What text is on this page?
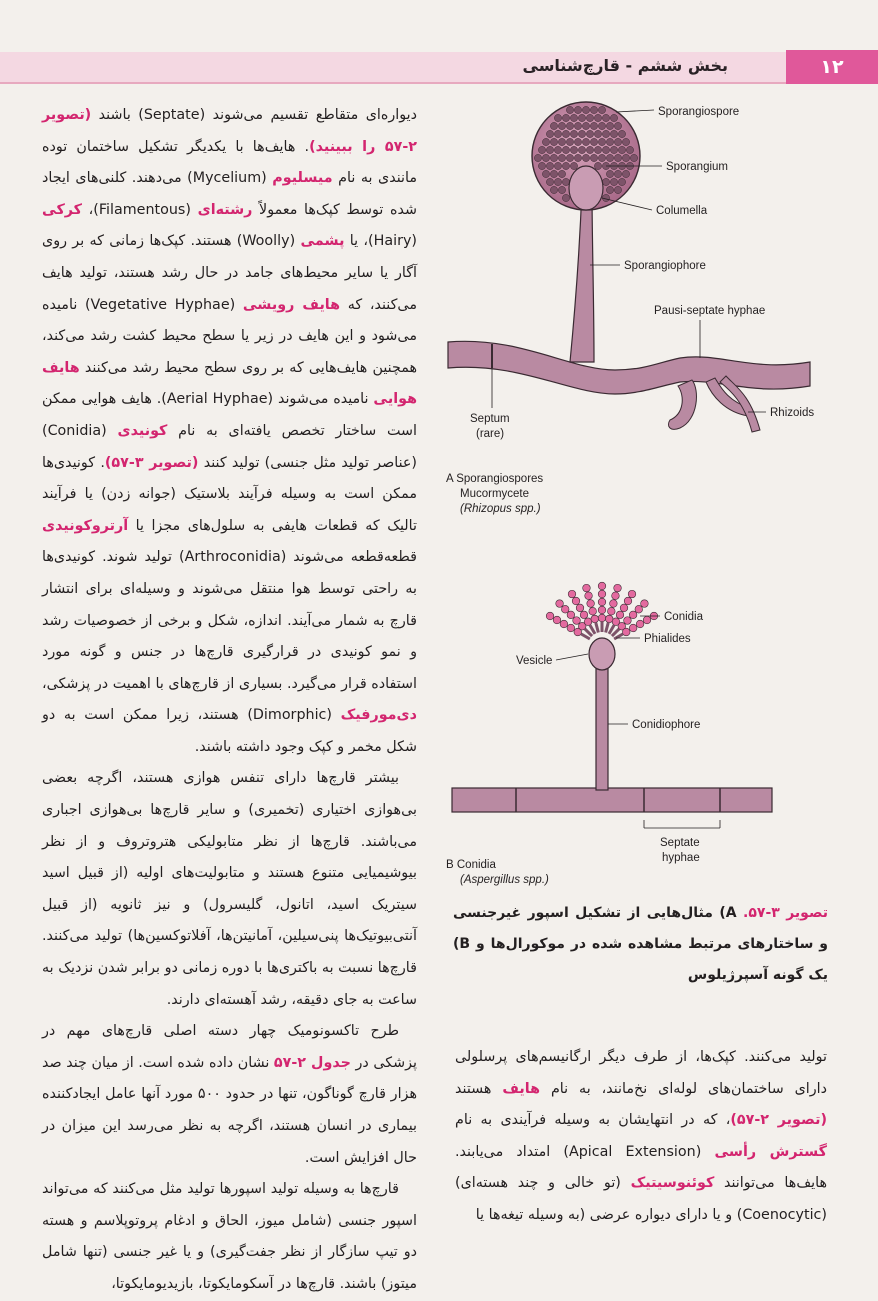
۱۲
بخش ششم - قارچ‌شناسی

دیواره‌ای متقاطع تقسیم می‌شوند (Septate) باشند (تصویر ۲-۵۷ را ببینید). هایف‌ها با یکدیگر تشکیل ساختمان توده مانندی به نام میسلیوم (Mycelium) می‌دهند. کلنی‌های ایجاد شده توسط کپک‌ها معمولاً رشته‌ای (Filamentous)، کرکی (Hairy)، یا پشمی (Woolly) هستند. کپک‌ها زمانی که بر روی آگار یا سایر محیط‌های جامد در حال رشد هستند، تولید هایف می‌کنند، که هایف رویشی (Vegetative Hyphae) نامیده می‌شود و این هایف در زیر یا سطح محیط کشت رشد می‌کند، همچنین هایف‌هایی که بر روی سطح محیط رشد می‌کنند هایف هوایی نامیده می‌شوند (Aerial Hyphae). هایف هوایی ممکن است ساختار تخصص یافته‌ای به نام کونیدی (Conidia) (عناصر تولید مثل جنسی) تولید کنند (تصویر ۳-۵۷). کونیدی‌ها ممکن است به وسیله فرآیند بلاستیک (جوانه زدن) یا فرآیند تالیک که قطعات هایفی به سلول‌های مجزا یا آرتروکونیدی قطعه‌قطعه می‌شوند (Arthroconidia) تولید شوند. کونیدی‌ها به راحتی توسط هوا منتقل می‌شوند و وسیله‌ای برای انتشار قارچ به شمار می‌آیند. اندازه، شکل و برخی از خصوصیات رشد و نمو کونیدی در قرارگیری قارچ‌ها در جنس و گونه مورد استفاده قرار می‌گیرد. بسیاری از قارچ‌های با اهمیت در پزشکی، دی‌مورفیک (Dimorphic) هستند، زیرا ممکن است به دو شکل مخمر و کپک وجود داشته باشند.

بیشتر قارچ‌ها دارای تنفس هوازی هستند، اگرچه بعضی بی‌هوازی اختیاری (تخمیری) و سایر قارچ‌ها بی‌هوازی اجباری می‌باشند. قارچ‌ها از نظر متابولیکی هتروتروف و از نظر بیوشیمیایی متنوع هستند و متابولیت‌های اولیه (از قبیل اسید سیتریک اسید، اتانول، گلیسرول) و نیز ثانویه (از قبیل آنتی‌بیوتیک‌ها پنی‌سیلین، آمانیتن‌ها، آفلاتوکسین‌ها) تولید می‌کنند. قارچ‌ها نسبت به باکتری‌ها با دوره زمانی دو برابر شدن نزدیک به ساعت به جای دقیقه، رشد آهسته‌ای دارند.

طرح تاکسونومیک چهار دسته اصلی قارچ‌های مهم در پزشکی در جدول ۲-۵۷ نشان داده شده است. از میان چند صد هزار قارچ گوناگون، تنها در حدود ۵۰۰ مورد آنها عامل ایجادکننده بیماری در انسان هستند، اگرچه به نظر می‌رسد این میزان در حال افزایش است.

قارچ‌ها به وسیله تولید اسپورها تولید مثل می‌کنند که می‌تواند اسپور جنسی (شامل میوز، الحاق و ادغام پروتوپلاسم و هسته دو تیپ سازگار از نظر جفت‌گیری) و یا غیر جنسی (تنها شامل میتوز) باشند. قارچ‌ها در آسکومایکوتا، بازیدیومایکوتا،

Sporangiospore
Sporangium
Columella
Sporangiophore
Pausi-septate hyphae
Septum
(rare)
Rhizoids
A Sporangiospores
Mucormycete
(Rhizopus spp.)
Conidia
Phialides
Vesicle
Conidiophore
Septate
hyphae
B Conidia
(Aspergillus spp.)
تصویر ۳-۵۷. A) مثال‌هایی از تشکیل اسپور غیرجنسی و ساختارهای مرتبط مشاهده شده در موکورال‌ها و B) یک گونه آسپرژیلوس

تولید می‌کنند. کپک‌ها، از طرف دیگر ارگانیسم‌های پرسلولی دارای ساختمان‌های لوله‌ای نخ‌مانند، به نام هایف هستند (تصویر ۲-۵۷)، که در انتهایشان به وسیله فرآیندی به نام گسترش رأسی (Apical Extension) امتداد می‌یابند. هایف‌ها می‌توانند کوئنوسیتیک (تو خالی و چند هسته‌ای) (Coenocytic) و یا دارای دیواره عرضی (به وسیله تیغه‌ها یا
